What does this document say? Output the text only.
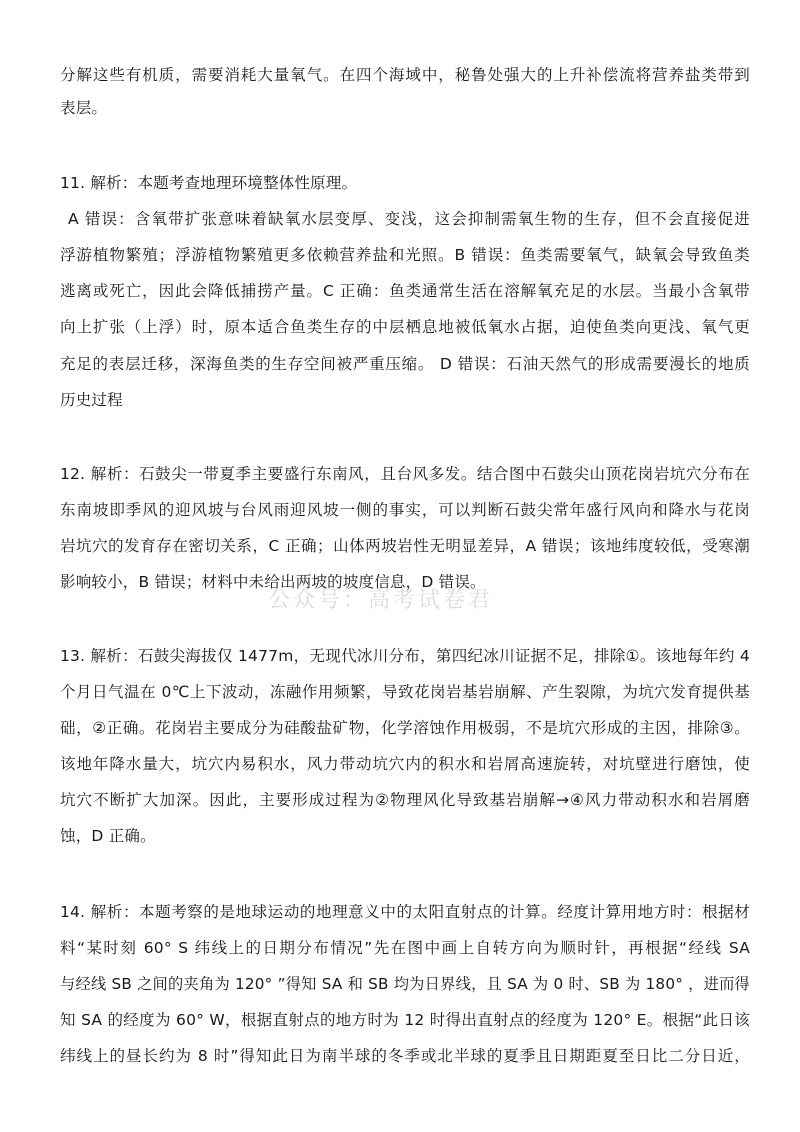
分解这些有机质，需要消耗大量氧气。在四个海域中，秘鲁处强大的上升补偿流将营养盐类带到
表层。
11. 解析：本题考查地理环境整体性原理。
A 错误：含氧带扩张意味着缺氧水层变厚、变浅，这会抑制需氧生物的生存，但不会直接促进
浮游植物繁殖；浮游植物繁殖更多依赖营养盐和光照。B 错误：鱼类需要氧气，缺氧会导致鱼类
逃离或死亡，因此会降低捕捞产量。C 正确：鱼类通常生活在溶解氧充足的水层。当最小含氧带
向上扩张（上浮）时，原本适合鱼类生存的中层栖息地被低氧水占据，迫使鱼类向更浅、氧气更
充足的表层迁移，深海鱼类的生存空间被严重压缩。 D 错误：石油天然气的形成需要漫长的地质
历史过程
12. 解析：石鼓尖一带夏季主要盛行东南风，且台风多发。结合图中石鼓尖山顶花岗岩坑穴分布在
东南坡即季风的迎风坡与台风雨迎风坡一侧的事实，可以判断石鼓尖常年盛行风向和降水与花岗
岩坑穴的发育存在密切关系，C 正确；山体两坡岩性无明显差异，A 错误；该地纬度较低，受寒潮
影响较小，B 错误；材料中未给出两坡的坡度信息，D 错误。
13. 解析：石鼓尖海拔仅 1477m，无现代冰川分布，第四纪冰川证据不足，排除①。该地每年约 4
个月日气温在 0℃上下波动，冻融作用频繁，导致花岗岩基岩崩解、产生裂隙，为坑穴发育提供基
础，②正确。花岗岩主要成分为硅酸盐矿物，化学溶蚀作用极弱，不是坑穴形成的主因，排除③。
该地年降水量大，坑穴内易积水，风力带动坑穴内的积水和岩屑高速旋转，对坑壁进行磨蚀，使
坑穴不断扩大加深。因此，主要形成过程为②物理风化导致基岩崩解→④风力带动积水和岩屑磨
蚀，D 正确。
14. 解析：本题考察的是地球运动的地理意义中的太阳直射点的计算。经度计算用地方时：根据材
料“某时刻 60° S 纬线上的日期分布情况”先在图中画上自转方向为顺时针，再根据“经线 SA
与经线 SB 之间的夹角为 120° ”得知 SA 和 SB 均为日界线，且 SA 为 0 时、SB 为 180° ，进而得
知 SA 的经度为 60° W，根据直射点的地方时为 12 时得出直射点的经度为 120° E。根据“此日该
纬线上的昼长约为 8 时”得知此日为南半球的冬季或北半球的夏季且日期距夏至日比二分日近，
公众号：高考试卷君
